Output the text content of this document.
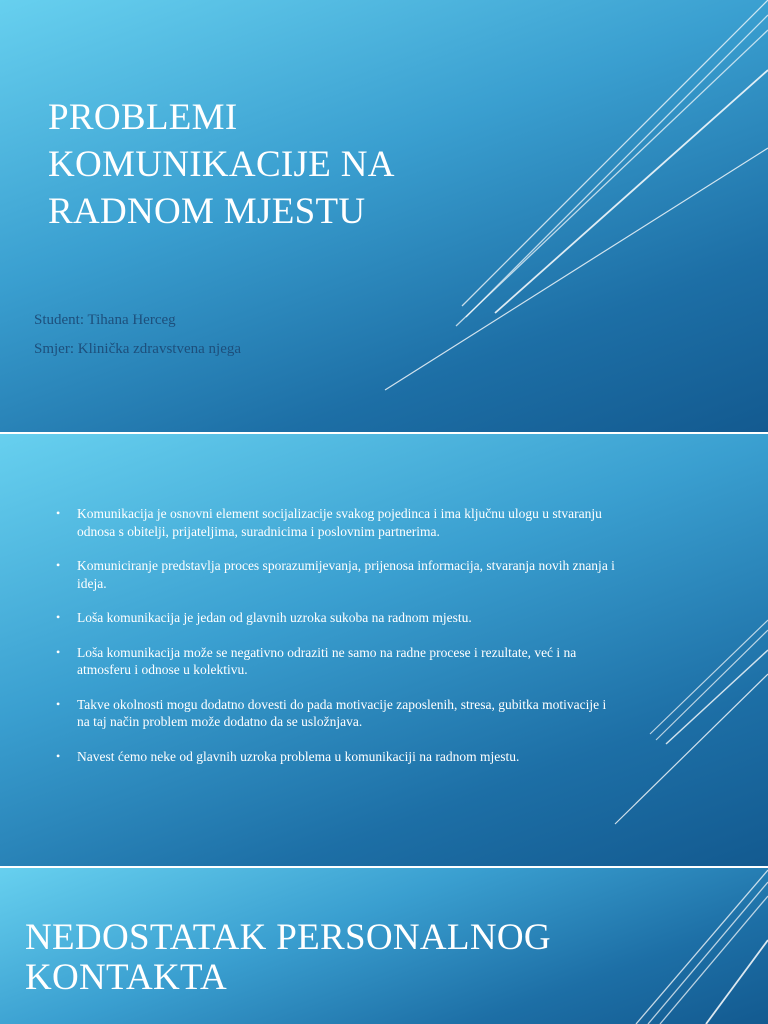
PROBLEMI KOMUNIKACIJE NA RADNOM MJESTU

Student: Tihana Herceg

Smjer: Klinička zdravstvena njega

• Komunikacija je osnovni element socijalizacije svakog pojedinca i ima ključnu ulogu u stvaranju odnosa s obitelji, prijateljima, suradnicima i poslovnim partnerima.
• Komuniciranje predstavlja proces sporazumijevanja, prijenosa informacija, stvaranja novih znanja i ideja.
• Loša komunikacija je jedan od glavnih uzroka sukoba na radnom mjestu.
• Loša komunikacija može se negativno odraziti ne samo na radne procese i rezultate, već i na atmosferu i odnose u kolektivu.
• Takve okolnosti mogu dodatno dovesti do pada motivacije zaposlenih, stresa, gubitka motivacije i na taj način problem može dodatno da se usložnjava.
• Navest ćemo neke od glavnih uzroka problema u komunikaciji na radnom mjestu.
NEDOSTATAK PERSONALNOG KONTAKTA
